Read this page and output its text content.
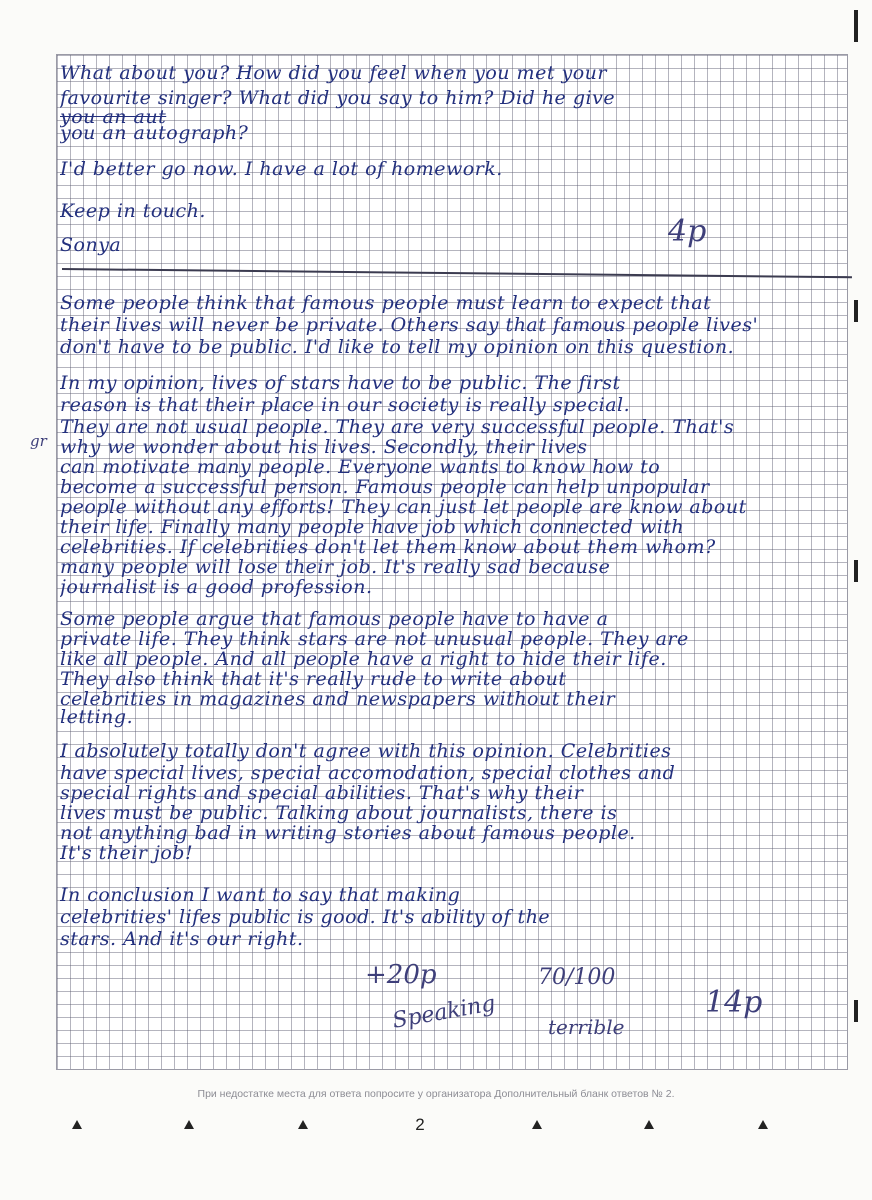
What about you? How did you feel when you met your
favourite singer? What did you say to him? Did he give
you an aut
you an autograph?
I'd better go now. I have a lot of homework.
Keep in touch.
Sonya
Some people think that famous people must learn to expect that
their lives will never be private. Others say that famous people lives'
don't have to be public. I'd like to tell my opinion on this question.
In my opinion, lives of stars have to be public. The first
reason is that their place in our society is really special.
They are not usual people. They are very successful people. That's
why we wonder about his lives. Secondly, their lives
can motivate many people. Everyone wants to know how to
become a successful person. Famous people can help unpopular
people without any efforts! They can just let people are know about
their life. Finally many people have job which connected with
celebrities. If celebrities don't let them know about them whom?
many people will lose their job. It's really sad because
journalist is a good profession.
Some people argue that famous people have to have a
private life. They think stars are not unusual people. They are
like all people. And all people have a right to hide their life.
They also think that it's really rude to write about
celebrities in magazines and newspapers without their
letting.
I absolutely totally don't agree with this opinion. Celebrities
have special lives, special accomodation, special clothes and
special rights and special abilities. That's why their
lives must be public. Talking about journalists, there is
not anything bad in writing stories about famous people.
It's their job!
In conclusion I want to say that making
celebrities' lifes public is good. It's ability of the
stars. And it's our right.
gr
4p
+20p	70/100
Speaking	terrible
14p
При недостатке места для ответа попросите у организатора Дополнительный бланк ответов № 2.
2
